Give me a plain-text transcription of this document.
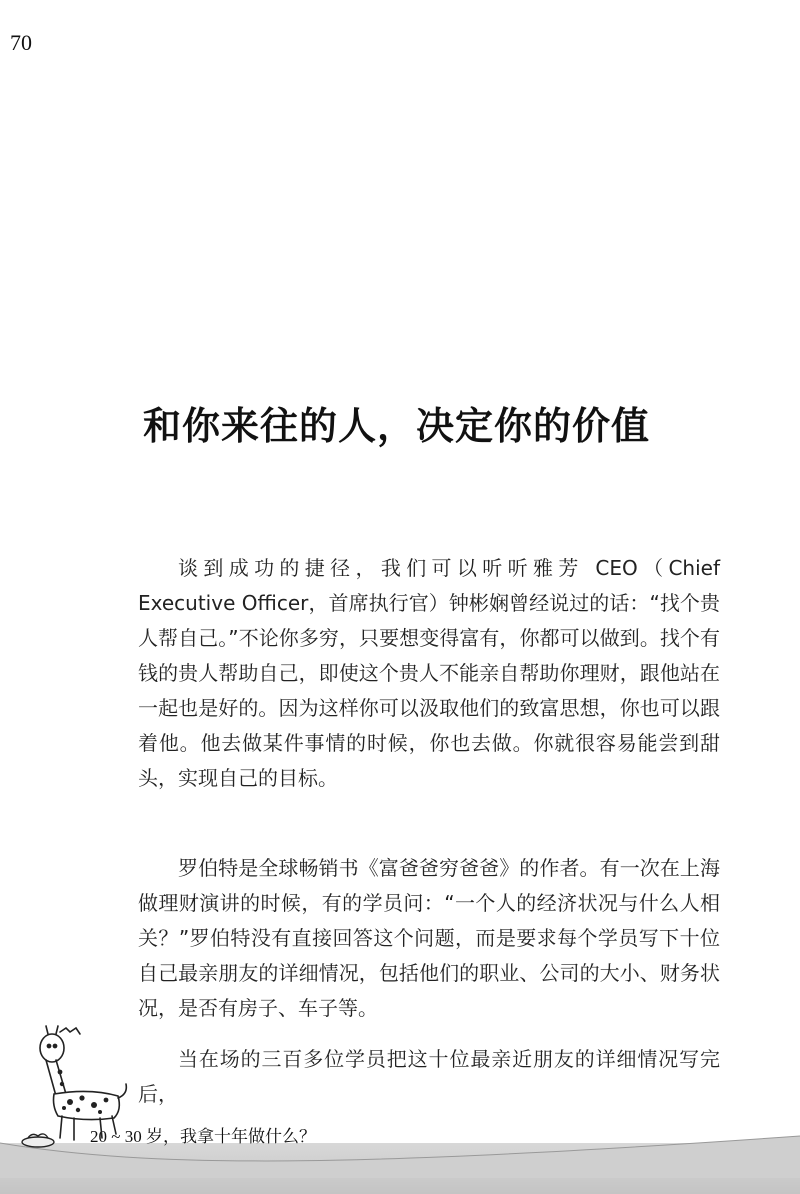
70
和你来往的人，决定你的价值
谈到成功的捷径，我们可以听听雅芳 CEO（Chief Executive Officer，首席执行官）钟彬娴曾经说过的话：“找个贵人帮自己。”不论你多穷，只要想变得富有，你都可以做到。找个有钱的贵人帮助自己，即使这个贵人不能亲自帮助你理财，跟他站在一起也是好的。因为这样你可以汲取他们的致富思想，你也可以跟着他。他去做某件事情的时候，你也去做。你就很容易能尝到甜头，实现自己的目标。
罗伯特是全球畅销书《富爸爸穷爸爸》的作者。有一次在上海做理财演讲的时候，有的学员问：“一个人的经济状况与什么人相关？”罗伯特没有直接回答这个问题，而是要求每个学员写下十位自己最亲朋友的详细情况，包括他们的职业、公司的大小、财务状况，是否有房子、车子等。
当在场的三百多位学员把这十位最亲近朋友的详细情况写完后，
20 ~ 30 岁，我拿十年做什么？
